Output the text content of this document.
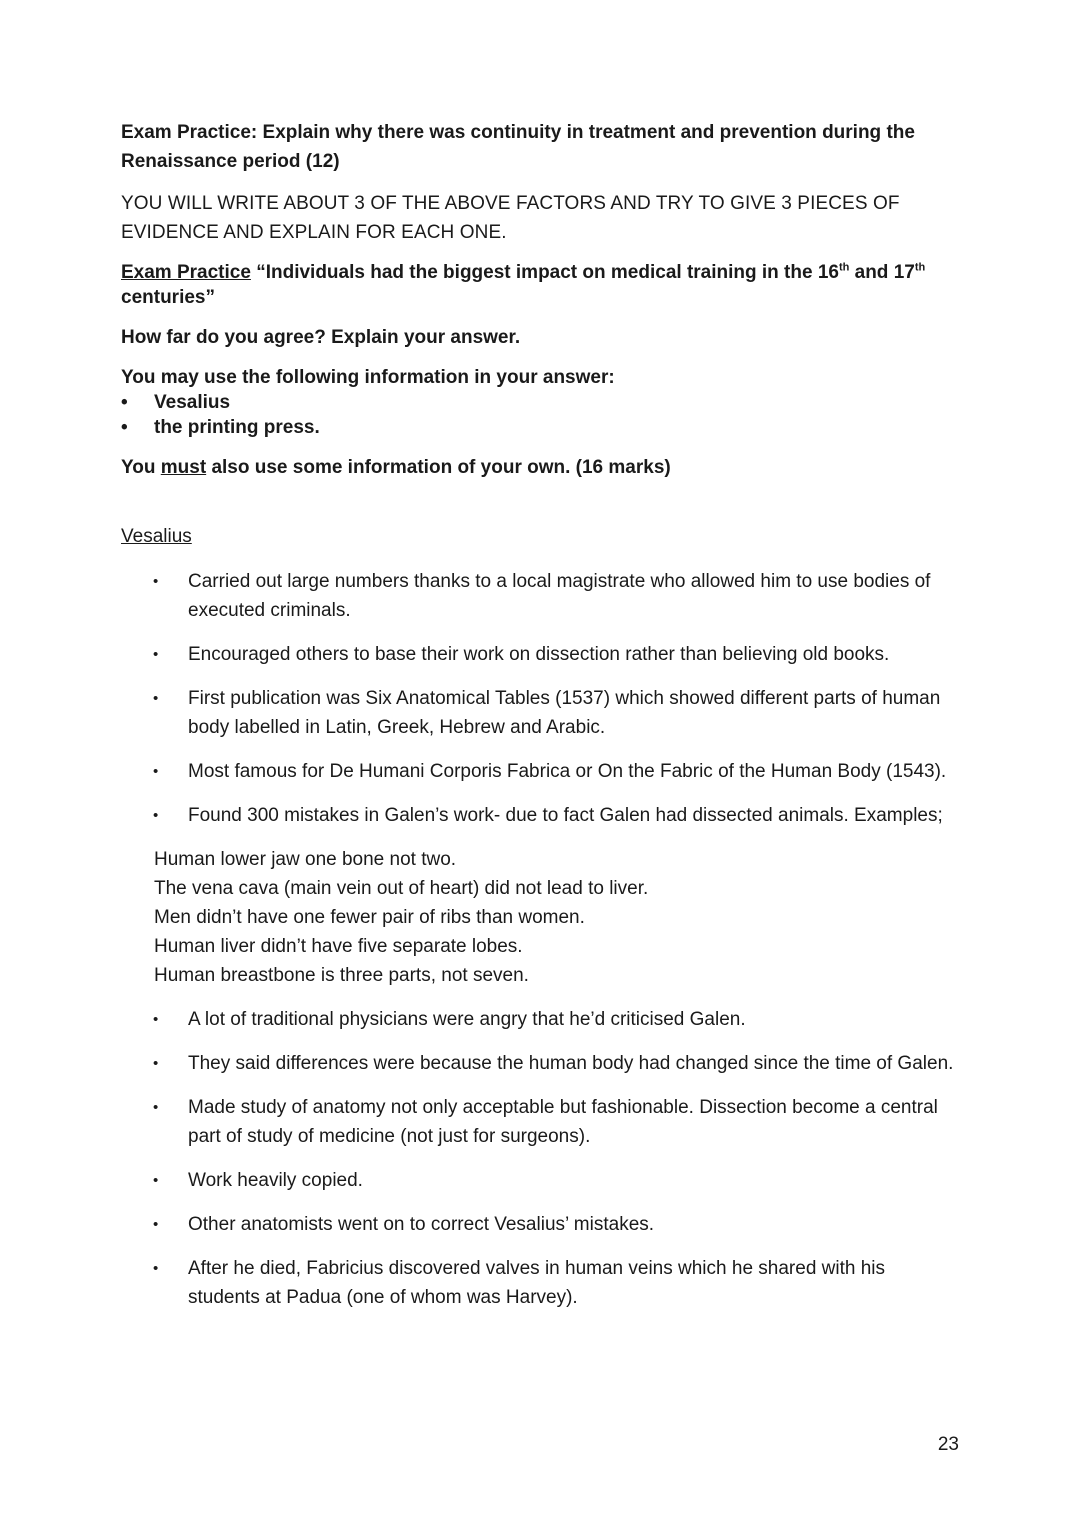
Exam Practice: Explain why there was continuity in treatment and prevention during the Renaissance period (12)

YOU WILL WRITE ABOUT 3 OF THE ABOVE FACTORS AND TRY TO GIVE 3 PIECES OF EVIDENCE AND EXPLAIN FOR EACH ONE.

Exam Practice “Individuals had the biggest impact on medical training in the 16th and 17th centuries”

How far do you agree? Explain your answer.

You may use the following information in your answer:

• Vesalius
• the printing press.

You must also use some information of your own. (16 marks)

Vesalius

• Carried out large numbers thanks to a local magistrate who allowed him to use bodies of executed criminals.
• Encouraged others to base their work on dissection rather than believing old books.
• First publication was Six Anatomical Tables (1537) which showed different parts of human body labelled in Latin, Greek, Hebrew and Arabic.
• Most famous for De Humani Corporis Fabrica or On the Fabric of the Human Body (1543).
• Found 300 mistakes in Galen’s work- due to fact Galen had dissected animals. Examples;
Human lower jaw one bone not two.
The vena cava (main vein out of heart) did not lead to liver.
Men didn’t have one fewer pair of ribs than women.
Human liver didn’t have five separate lobes.
Human breastbone is three parts, not seven.
• A lot of traditional physicians were angry that he’d criticised Galen.
• They said differences were because the human body had changed since the time of Galen.
• Made study of anatomy not only acceptable but fashionable. Dissection become a central part of study of medicine (not just for surgeons).
• Work heavily copied.
• Other anatomists went on to correct Vesalius’ mistakes.
• After he died, Fabricius discovered valves in human veins which he shared with his students at Padua (one of whom was Harvey).
23
